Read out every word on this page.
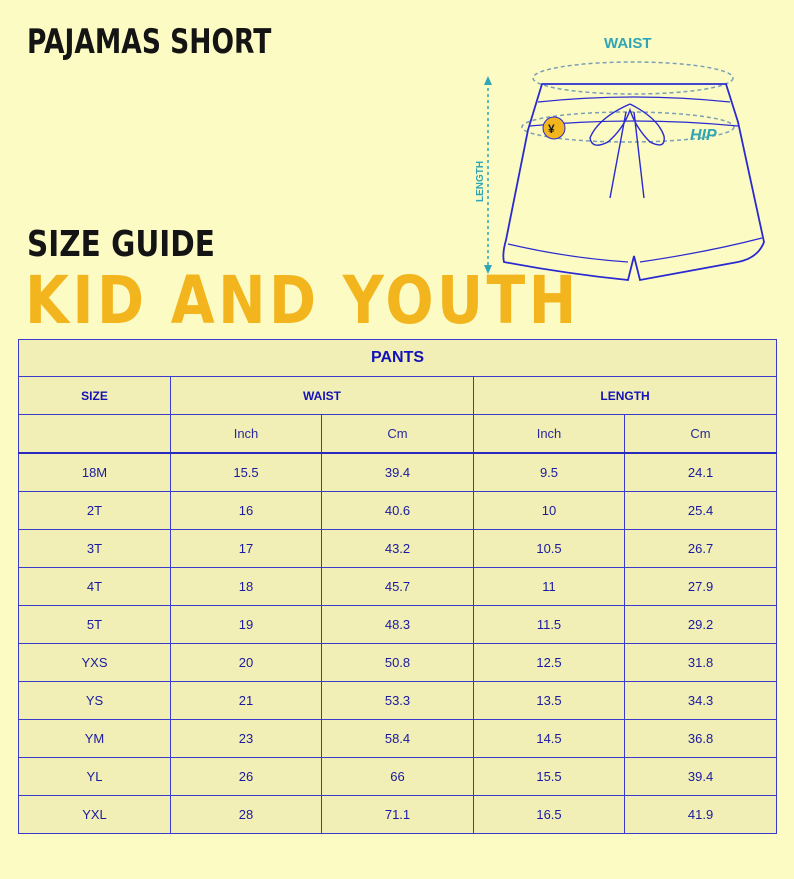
PAJAMAS SHORT	WAIST
HIP
LENGTH
¥
SIZE GUIDE
KID AND YOUTH
PANTS				
SIZE	WAIST		LENGTH	
	Inch	Cm	Inch	Cm
18M	15.5	39.4	9.5	24.1
2T	16	40.6	10	25.4
3T	17	43.2	10.5	26.7
4T	18	45.7	11	27.9
5T	19	48.3	11.5	29.2
YXS	20	50.8	12.5	31.8
YS	21	53.3	13.5	34.3
YM	23	58.4	14.5	36.8
YL	26	66	15.5	39.4
YXL	28	71.1	16.5	41.9
